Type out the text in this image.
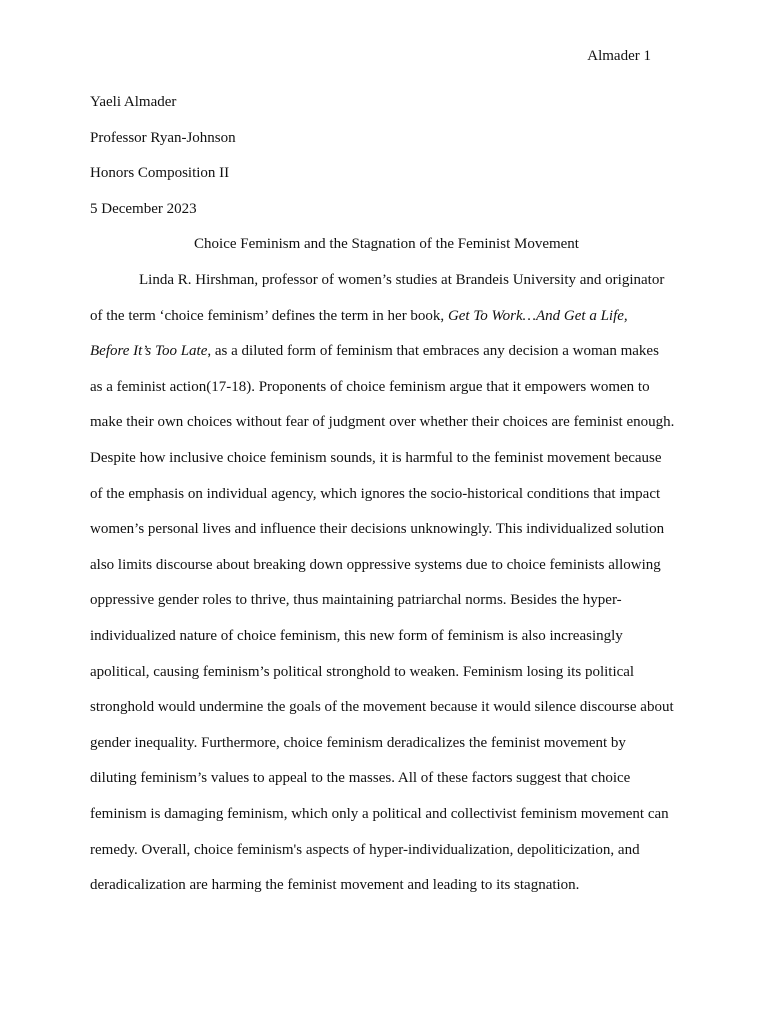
Almader 1
Yaeli Almader
Professor Ryan-Johnson
Honors Composition II
5 December 2023
Choice Feminism and the Stagnation of the Feminist Movement
Linda R. Hirshman, professor of women’s studies at Brandeis University and originator
of the term ‘choice feminism’ defines the term in her book, Get To Work…And Get a Life,
Before It’s Too Late, as a diluted form of feminism that embraces any decision a woman makes
as a feminist action(17-18). Proponents of choice feminism argue that it empowers women to
make their own choices without fear of judgment over whether their choices are feminist enough.
Despite how inclusive choice feminism sounds, it is harmful to the feminist movement because
of the emphasis on individual agency, which ignores the socio-historical conditions that impact
women’s personal lives and influence their decisions unknowingly. This individualized solution
also limits discourse about breaking down oppressive systems due to choice feminists allowing
oppressive gender roles to thrive, thus maintaining patriarchal norms. Besides the hyper-
individualized nature of choice feminism, this new form of feminism is also increasingly
apolitical, causing feminism’s political stronghold to weaken. Feminism losing its political
stronghold would undermine the goals of the movement because it would silence discourse about
gender inequality. Furthermore, choice feminism deradicalizes the feminist movement by
diluting feminism’s values to appeal to the masses. All of these factors suggest that choice
feminism is damaging feminism, which only a political and collectivist feminism movement can
remedy. Overall, choice feminism's aspects of hyper-individualization, depoliticization, and
deradicalization are harming the feminist movement and leading to its stagnation.
